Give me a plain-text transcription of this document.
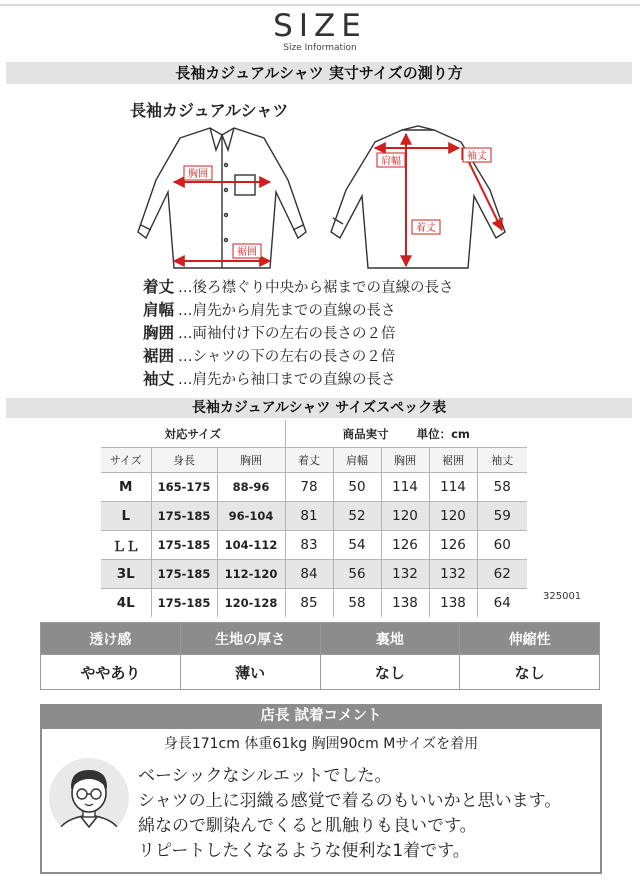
SIZE
Size Information
長袖カジュアルシャツ 実寸サイズの測り方
長袖カジュアルシャツ
胸囲
裾囲
肩幅	袖丈
着丈
着丈 …後ろ襟ぐり中央から裾までの直線の長さ
肩幅 …肩先から肩先までの直線の長さ
胸囲 …両袖付け下の左右の長さの２倍
裾囲 …シャツの下の左右の長さの２倍
袖丈 …肩先から袖口までの直線の長さ
長袖カジュアルシャツ サイズスペック表
対応サイズ			商品実寸 単位：cm				
サイズ	身長	胸囲	着丈	肩幅	胸囲	裾囲	袖丈
M	165-175	88-96	78	50	114	114	58
L	175-185	96-104	81	52	120	120	59
ＬＬ	175-185	104-112	83	54	126	126	60
3L	175-185	112-120	84	56	132	132	62
4L	175-185	120-128	85	58	138	138	64	325001
透け感	生地の厚さ	裏地	伸縮性
ややあり	薄い	なし	なし
店長 試着コメント
身長171cm 体重61kg 胸囲90cm Mサイズを着用
ベーシックなシルエットでした。
シャツの上に羽織る感覚で着るのもいいかと思います。
綿なので馴染んでくると肌触りも良いです。
リピートしたくなるような便利な1着です。
